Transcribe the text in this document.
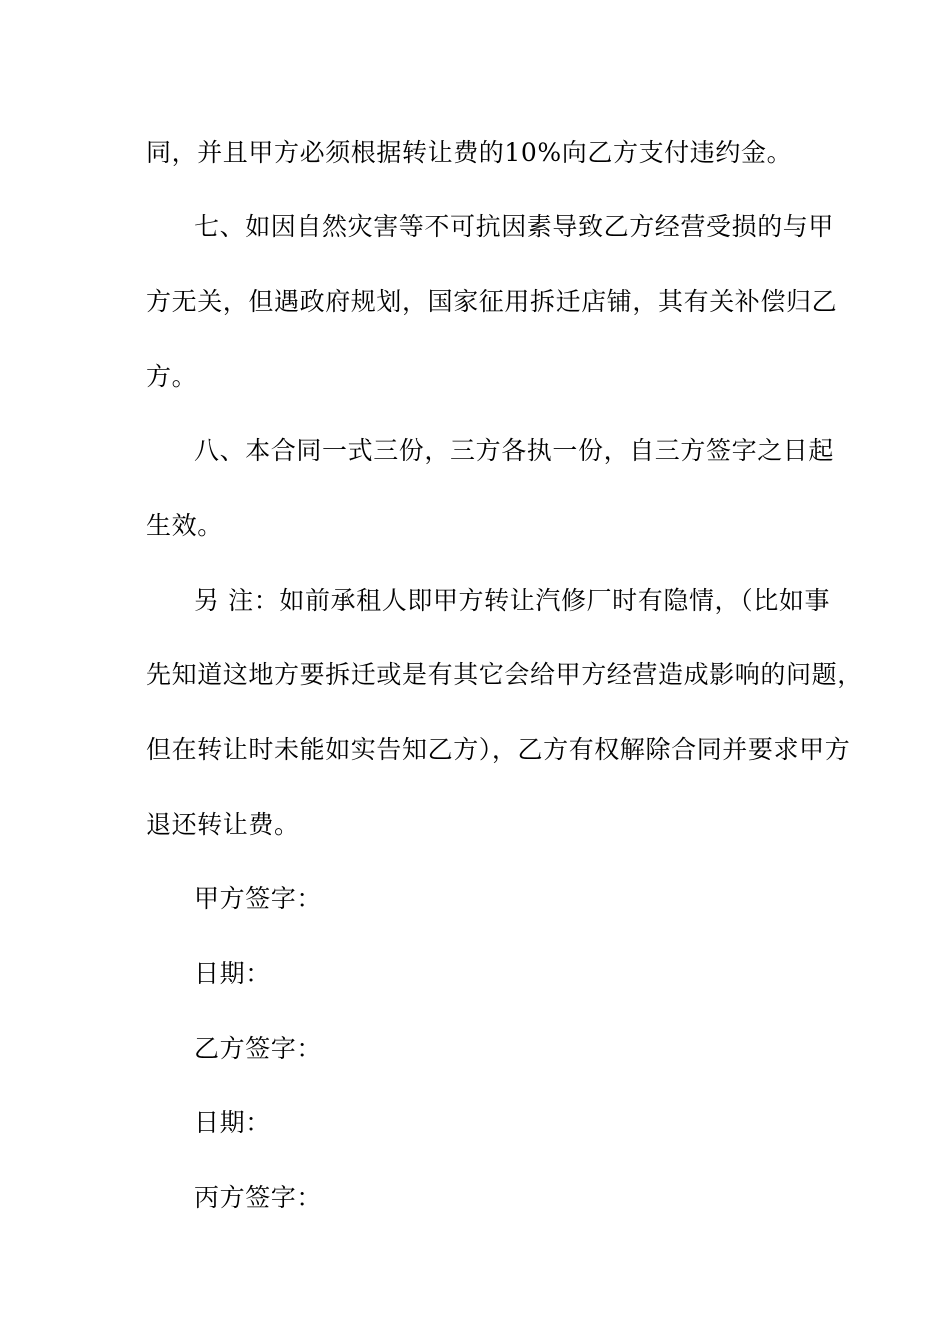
同，并且甲方必须根据转让费的10%向乙方支付违约金。
七、如因自然灾害等不可抗因素导致乙方经营受损的与甲
方无关，但遇政府规划，国家征用拆迁店铺，其有关补偿归乙
方。
八、本合同一式三份，三方各执一份，自三方签字之日起
生效。
另 注：如前承租人即甲方转让汽修厂时有隐情，（比如事
先知道这地方要拆迁或是有其它会给甲方经营造成影响的问题，
但在转让时未能如实告知乙方），乙方有权解除合同并要求甲方
退还转让费。
甲方签字：
日期：
乙方签字：
日期：
丙方签字：
